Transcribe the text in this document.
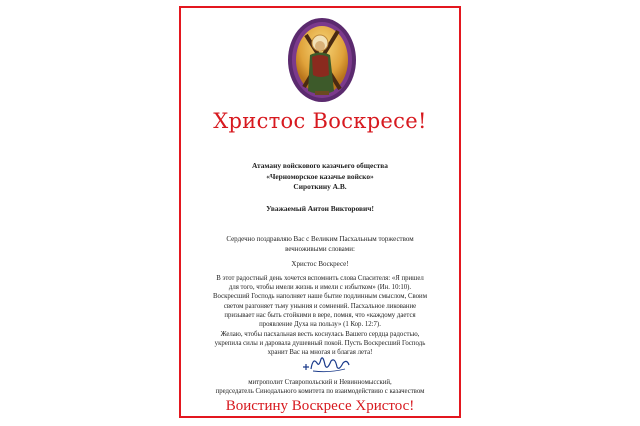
Христос Воскресе!
Атаману войскового казачьего общества
«Черноморское казачье войско»
Сироткину А.В.
Уважаемый Антон Викторович!
Сердечно поздравляю Вас с Великим Пасхальным торжеством
вечноживыми словами:
Христос Воскресе!
В этот радостный день хочется вспомнить слова Спасителя: «Я пришел
для того, чтобы имели жизнь и имели с избытком» (Ин. 10:10).
Воскресший Господь наполняет наше бытие подлинным смыслом, Своим
светом разгоняет тьму уныния и сомнений. Пасхальное ликование
призывает нас быть стойкими в вере, помня, что «каждому дается
проявление Духа на пользу» (1 Кор. 12:7).
Желаю, чтобы пасхальная весть коснулась Вашего сердца радостью,
укрепила силы и даровала душевный покой. Пусть Воскресший Господь
хранит Вас на многая и благая лета!
митрополит Ставропольский и Невинномысский,
председатель Синодального комитета по взаимодействию с казачеством
Воистину Воскресе Христос!
